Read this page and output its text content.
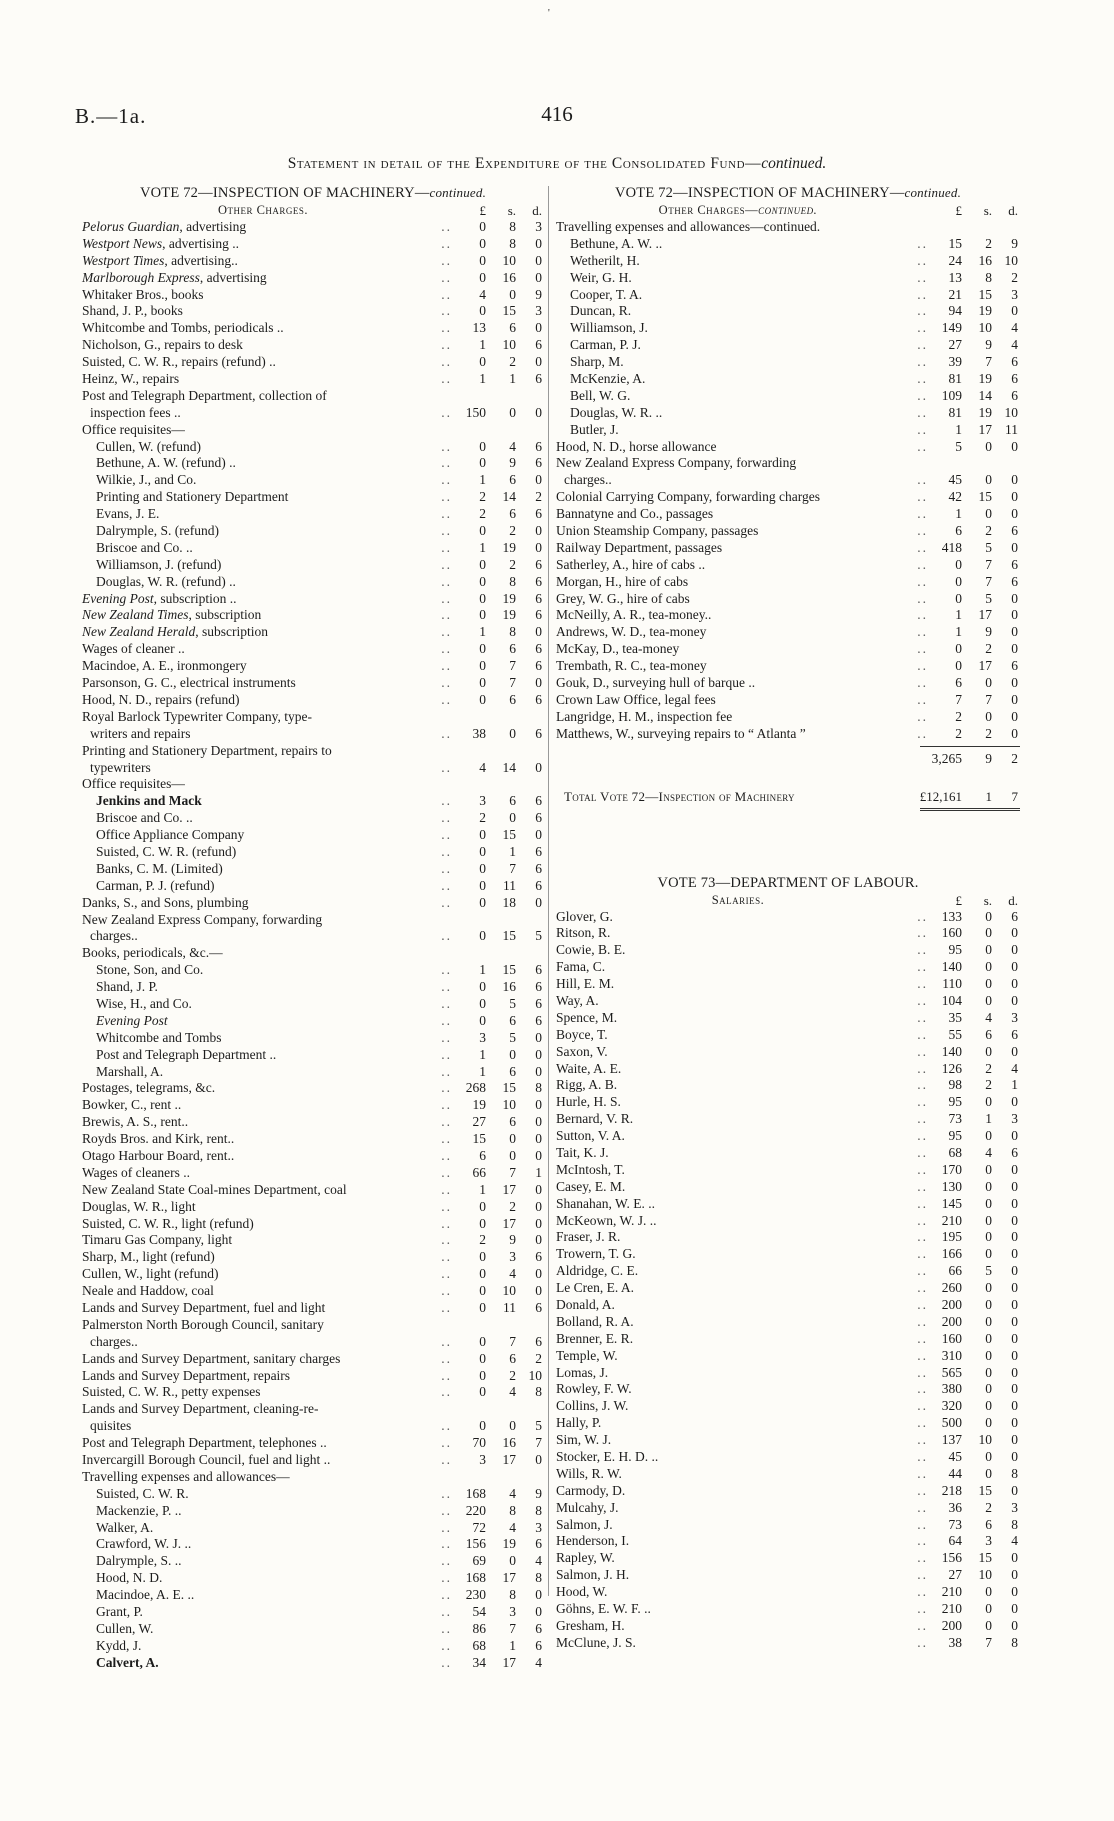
'
B.—1a.	416
Statement in detail of the Expenditure of the Consolidated Fund—continued.
VOTE 72—INSPECTION OF MACHINERY—continued.
Other Charges.	£	s.	d.
Pelorus Guardian, advertising	..	0	8	3
Westport News, advertising ..	..	0	8	0
Westport Times, advertising..	..	0	10	0
Marlborough Express, advertising	..	0	16	0
Whitaker Bros., books	..	4	0	9
Shand, J. P., books	..	0	15	3
Whitcombe and Tombs, periodicals ..	..	13	6	0
Nicholson, G., repairs to desk	..	1	10	6
Suisted, C. W. R., repairs (refund) ..	..	0	2	0
Heinz, W., repairs	..	1	1	6
Post and Telegraph Department, collection of
inspection fees ..	..	150	0	0
Office requisites—
Cullen, W. (refund)	..	0	4	6
Bethune, A. W. (refund) ..	..	0	9	6
Wilkie, J., and Co.	..	1	6	0
Printing and Stationery Department	..	2	14	2
Evans, J. E.	..	2	6	6
Dalrymple, S. (refund)	..	0	2	0
Briscoe and Co. ..	..	1	19	0
Williamson, J. (refund)	..	0	2	6
Douglas, W. R. (refund) ..	..	0	8	6
Evening Post, subscription ..	..	0	19	6
New Zealand Times, subscription	..	0	19	6
New Zealand Herald, subscription	..	1	8	0
Wages of cleaner ..	..	0	6	6
Macindoe, A. E., ironmongery	..	0	7	6
Parsonson, G. C., electrical instruments	..	0	7	0
Hood, N. D., repairs (refund)	..	0	6	6
Royal Barlock Typewriter Company, type-
writers and repairs	..	38	0	6
Printing and Stationery Department, repairs to
typewriters	..	4	14	0
Office requisites—
Jenkins and Mack	..	3	6	6
Briscoe and Co. ..	..	2	0	6
Office Appliance Company	..	0	15	0
Suisted, C. W. R. (refund)	..	0	1	6
Banks, C. M. (Limited)	..	0	7	6
Carman, P. J. (refund)	..	0	11	6
Danks, S., and Sons, plumbing	..	0	18	0
New Zealand Express Company, forwarding
charges..	..	0	15	5
Books, periodicals, &c.—
Stone, Son, and Co.	..	1	15	6
Shand, J. P.	..	0	16	6
Wise, H., and Co.	..	0	5	6
Evening Post	..	0	6	6
Whitcombe and Tombs	..	3	5	0
Post and Telegraph Department ..	..	1	0	0
Marshall, A.	..	1	6	0
Postages, telegrams, &c.	..	268	15	8
Bowker, C., rent ..	..	19	10	0
Brewis, A. S., rent..	..	27	6	0
Royds Bros. and Kirk, rent..	..	15	0	0
Otago Harbour Board, rent..	..	6	0	0
Wages of cleaners ..	..	66	7	1
New Zealand State Coal-mines Department, coal	..	1	17	0
Douglas, W. R., light	..	0	2	0
Suisted, C. W. R., light (refund)	..	0	17	0
Timaru Gas Company, light	..	2	9	0
Sharp, M., light (refund)	..	0	3	6
Cullen, W., light (refund)	..	0	4	0
Neale and Haddow, coal	..	0	10	0
Lands and Survey Department, fuel and light	..	0	11	6
Palmerston North Borough Council, sanitary
charges..	..	0	7	6
Lands and Survey Department, sanitary charges	..	0	6	2
Lands and Survey Department, repairs	..	0	2 10
Suisted, C. W. R., petty expenses	..	0	4	8
Lands and Survey Department, cleaning-re-
quisites	..	0	0	5
Post and Telegraph Department, telephones ..	..	70	16	7
Invercargill Borough Council, fuel and light ..	..	3	17	0
Travelling expenses and allowances—
Suisted, C. W. R.	..	168	4	9
Mackenzie, P. ..	..	220	8	8
Walker, A.	..	72	4	3
Crawford, W. J. ..	..	156	19	6
Dalrymple, S. ..	..	69	0	4
Hood, N. D.	..	168	17	8
Macindoe, A. E. ..	..	230	8	0
Grant, P.	..	54	3	0
Cullen, W.	..	86	7	6
Kydd, J.	..	68	1	6
Calvert, A.	..	34	17	4
VOTE 72—INSPECTION OF MACHINERY—continued.
Other Charges—continued.	£	s.	d.
Travelling expenses and allowances—continued.
Bethune, A. W. ..	..	15	2	9
Wetherilt, H.	..	24	16 10
Weir, G. H.	..	13	8	2
Cooper, T. A.	..	21	15	3
Duncan, R.	..	94	19	0
Williamson, J.	..	149	10	4
Carman, P. J.	..	27	9	4
Sharp, M.	..	39	7	6
McKenzie, A.	..	81	19	6
Bell, W. G.	..	109	14	6
Douglas, W. R. ..	..	81	19 10
Butler, J.	..	1	17 11
Hood, N. D., horse allowance	..	5	0	0
New Zealand Express Company, forwarding
charges..	..	45	0	0
Colonial Carrying Company, forwarding charges	..	42	15	0
Bannatyne and Co., passages	..	1	0	0
Union Steamship Company, passages	..	6	2	6
Railway Department, passages	..	418	5	0
Satherley, A., hire of cabs ..	..	0	7	6
Morgan, H., hire of cabs	..	0	7	6
Grey, W. G., hire of cabs	..	0	5	0
McNeilly, A. R., tea-money..	..	1	17	0
Andrews, W. D., tea-money	..	1	9	0
McKay, D., tea-money	..	0	2	0
Trembath, R. C., tea-money	..	0	17	6
Gouk, D., surveying hull of barque ..	..	6	0	0
Crown Law Office, legal fees	..	7	7	0
Langridge, H. M., inspection fee	..	2	0	0
Matthews, W., surveying repairs to “ Atlanta ”	..	2	2	0
3,265	9	2
Total Vote 72—Inspection of Machinery	£12,161	1	7
VOTE 73—DEPARTMENT OF LABOUR.
Salaries.	£	s.	d.
Glover, G.	..	133	0	6
Ritson, R.	..	160	0	0
Cowie, B. E.	..	95	0	0
Fama, C.	..	140	0	0
Hill, E. M.	..	110	0	0
Way, A.	..	104	0	0
Spence, M.	..	35	4	3
Boyce, T.	..	55	6	6
Saxon, V.	..	140	0	0
Waite, A. E.	..	126	2	4
Rigg, A. B.	..	98	2	1
Hurle, H. S.	..	95	0	0
Bernard, V. R.	..	73	1	3
Sutton, V. A.	..	95	0	0
Tait, K. J.	..	68	4	6
McIntosh, T.	..	170	0	0
Casey, E. M.	..	130	0	0
Shanahan, W. E. ..	..	145	0	0
McKeown, W. J. ..	..	210	0	0
Fraser, J. R.	..	195	0	0
Trowern, T. G.	..	166	0	0
Aldridge, C. E.	..	66	5	0
Le Cren, E. A.	..	260	0	0
Donald, A.	..	200	0	0
Bolland, R. A.	..	200	0	0
Brenner, E. R.	..	160	0	0
Temple, W.	..	310	0	0
Lomas, J.	..	565	0	0
Rowley, F. W.	..	380	0	0
Collins, J. W.	..	320	0	0
Hally, P.	..	500	0	0
Sim, W. J.	..	137	10	0
Stocker, E. H. D. ..	..	45	0	0
Wills, R. W.	..	44	0	8
Carmody, D.	..	218	15	0
Mulcahy, J.	..	36	2	3
Salmon, J.	..	73	6	8
Henderson, I.	..	64	3	4
Rapley, W.	..	156	15	0
Salmon, J. H.	..	27	10	0
Hood, W.	..	210	0	0
Göhns, E. W. F. ..	..	210	0	0
Gresham, H.	..	200	0	0
McClune, J. S.	..	38	7	8
